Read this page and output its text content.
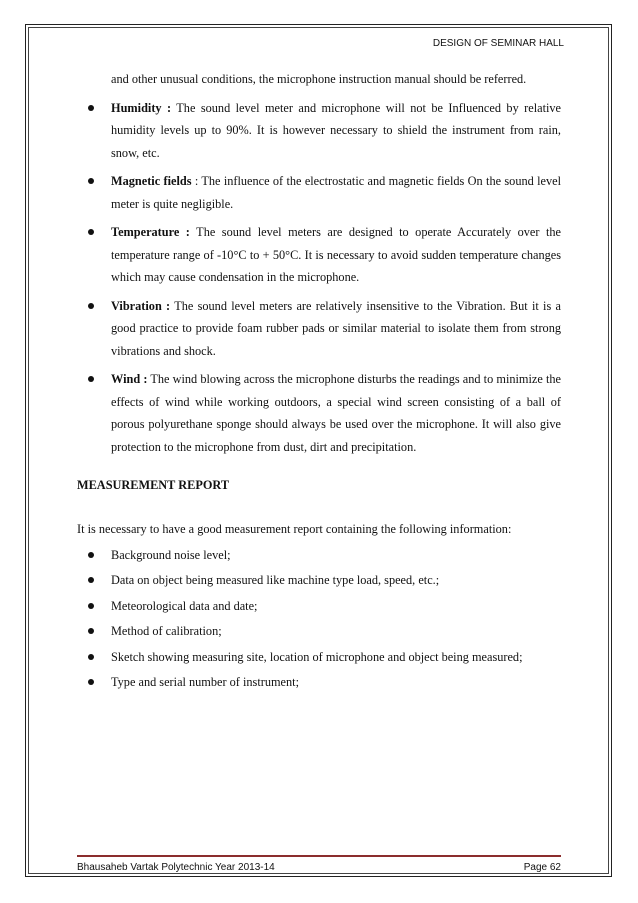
DESIGN OF SEMINAR HALL

and other unusual conditions, the microphone instruction manual should be referred.

Humidity : The sound level meter and microphone will not be Influenced by relative humidity levels up to 90%. It is however necessary to shield the instrument from rain, snow, etc.
Magnetic fields : The influence of the electrostatic and magnetic fields On the sound level meter is quite negligible.
Temperature : The sound level meters are designed to operate Accurately over the temperature range of -10°C to + 50°C. It is necessary to avoid sudden temperature changes which may cause condensation in the microphone.
Vibration : The sound level meters are relatively insensitive to the Vibration. But it is a good practice to provide foam rubber pads or similar material to isolate them from strong vibrations and shock.
Wind : The wind blowing across the microphone disturbs the readings and to minimize the effects of wind while working outdoors, a special wind screen consisting of a ball of porous polyurethane sponge should always be used over the microphone. It will also give protection to the microphone from dust, dirt and precipitation.

MEASUREMENT REPORT

It is necessary to have a good measurement report containing the following information:

Background noise level;
Data on object being measured like machine type load, speed, etc.;
Meteorological data and date;
Method of calibration;
Sketch showing measuring site, location of microphone and object being measured;
Type and serial number of instrument;
Bhausaheb Vartak Polytechnic Year 2013-14	Page 62
